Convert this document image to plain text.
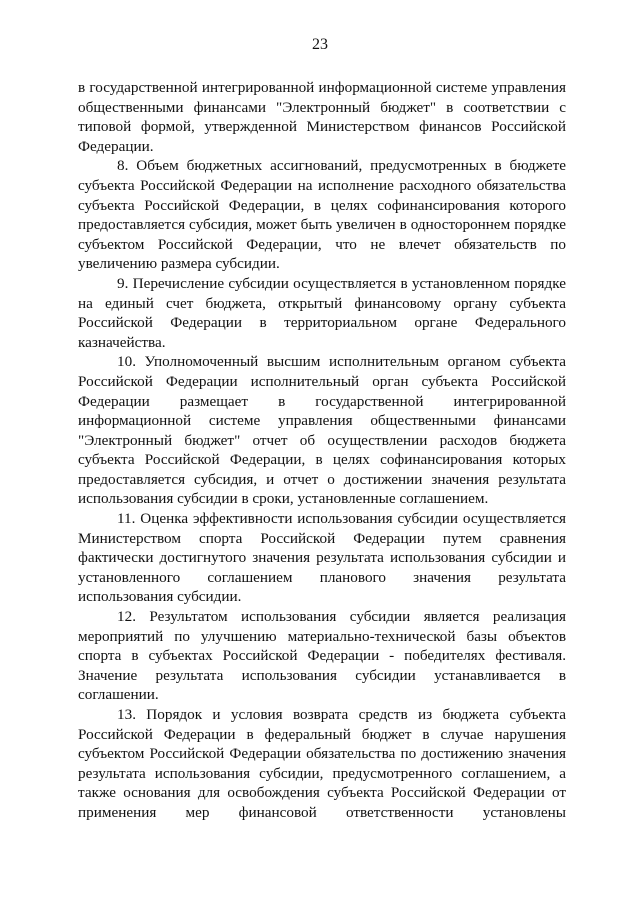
23

в государственной интегрированной информационной системе управления общественными финансами "Электронный бюджет" в соответствии с типовой формой, утвержденной Министерством финансов Российской Федерации.

8. Объем бюджетных ассигнований, предусмотренных в бюджете субъекта Российской Федерации на исполнение расходного обязательства субъекта Российской Федерации, в целях софинансирования которого предоставляется субсидия, может быть увеличен в одностороннем порядке субъектом Российской Федерации, что не влечет обязательств по увеличению размера субсидии.

9. Перечисление субсидии осуществляется в установленном порядке на единый счет бюджета, открытый финансовому органу субъекта Российской Федерации в территориальном органе Федерального казначейства.

10. Уполномоченный высшим исполнительным органом субъекта Российской Федерации исполнительный орган субъекта Российской Федерации размещает в государственной интегрированной информационной системе управления общественными финансами "Электронный бюджет" отчет об осуществлении расходов бюджета субъекта Российской Федерации, в целях софинансирования которых предоставляется субсидия, и отчет о достижении значения результата использования субсидии в сроки, установленные соглашением.

11. Оценка эффективности использования субсидии осуществляется Министерством спорта Российской Федерации путем сравнения фактически достигнутого значения результата использования субсидии и установленного соглашением планового значения результата использования субсидии.

12. Результатом использования субсидии является реализация мероприятий по улучшению материально-технической базы объектов спорта в субъектах Российской Федерации - победителях фестиваля. Значение результата использования субсидии устанавливается в соглашении.

13. Порядок и условия возврата средств из бюджета субъекта Российской Федерации в федеральный бюджет в случае нарушения субъектом Российской Федерации обязательства по достижению значения результата использования субсидии, предусмотренного соглашением, а также основания для освобождения субъекта Российской Федерации от применения мер финансовой ответственности установлены
